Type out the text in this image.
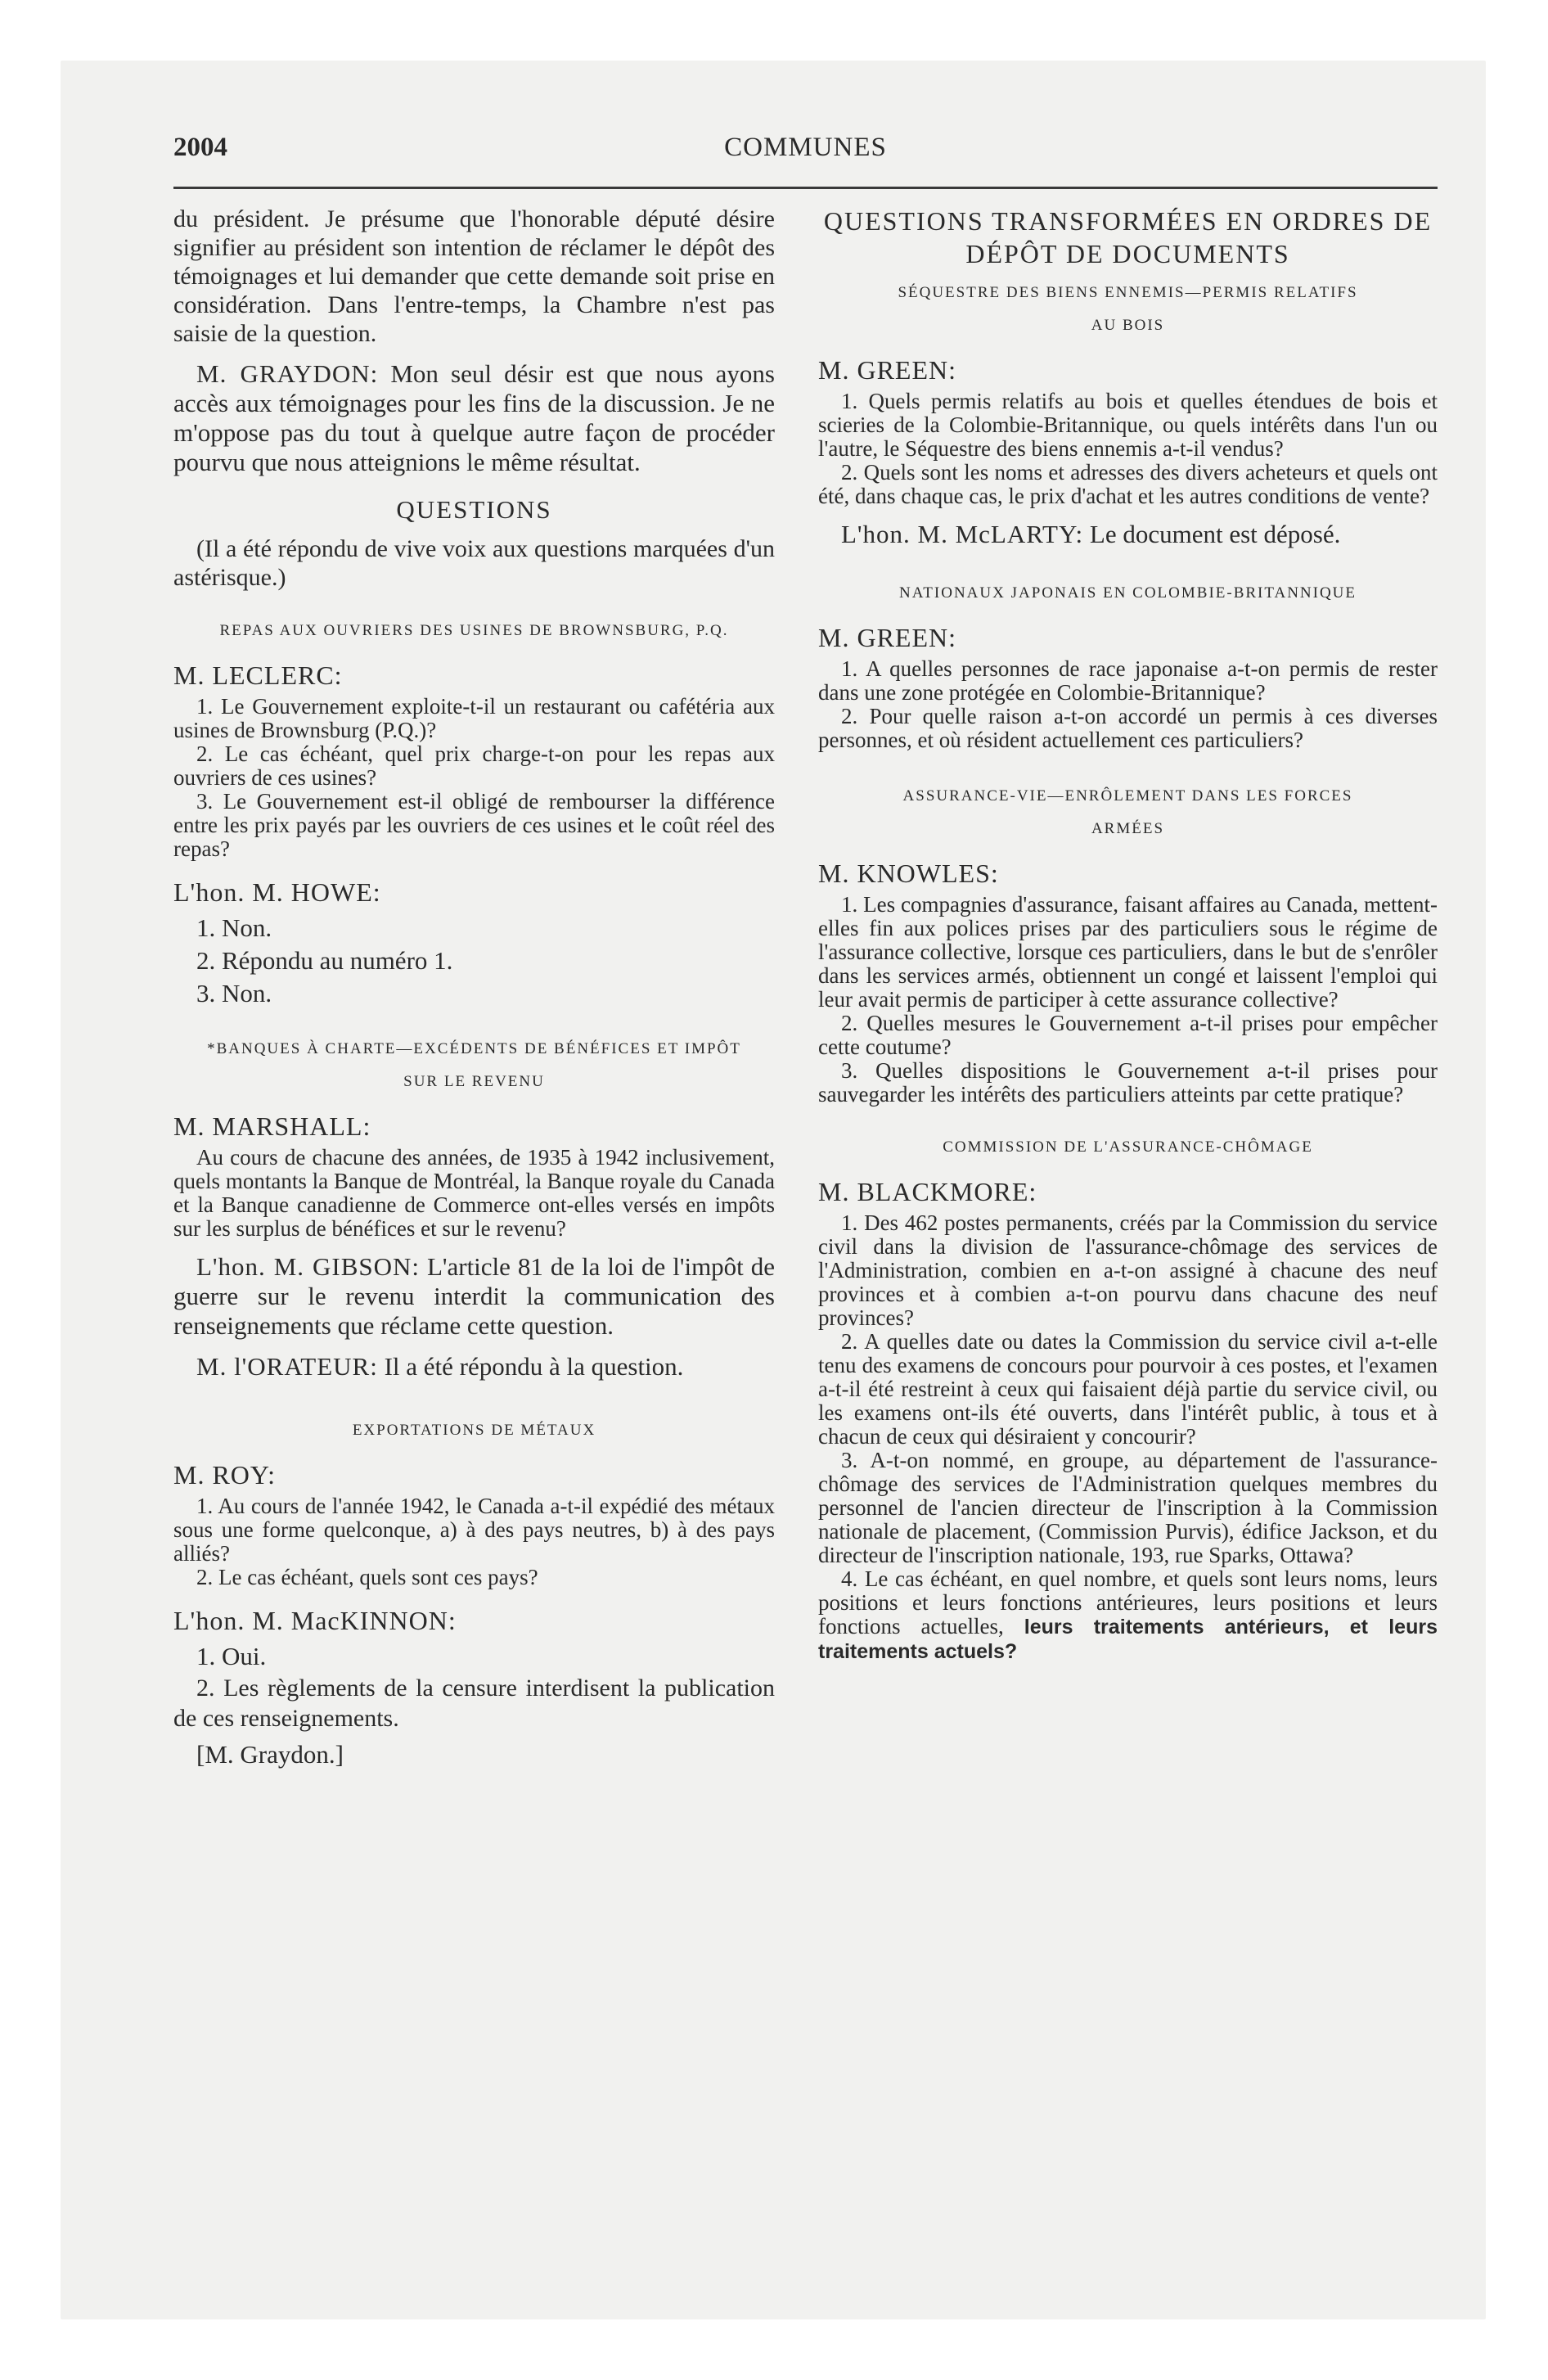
2004	COMMUNES

du président. Je présume que l'honorable député désire signifier au président son intention de réclamer le dépôt des témoignages et lui demander que cette demande soit prise en considération. Dans l'entre-temps, la Chambre n'est pas saisie de la question.

M. GRAYDON: Mon seul désir est que nous ayons accès aux témoignages pour les fins de la discussion. Je ne m'oppose pas du tout à quelque autre façon de procéder pourvu que nous atteignions le même résultat.

QUESTIONS

(Il a été répondu de vive voix aux questions marquées d'un astérisque.)

REPAS AUX OUVRIERS DES USINES DE BROWNSBURG, P.Q.
M. LECLERC:

1. Le Gouvernement exploite-t-il un restaurant ou cafétéria aux usines de Brownsburg (P.Q.)?

2. Le cas échéant, quel prix charge-t-on pour les repas aux ouvriers de ces usines?

3. Le Gouvernement est-il obligé de rembourser la différence entre les prix payés par les ouvriers de ces usines et le coût réel des repas?

L'hon. M. HOWE:
1. Non.
2. Répondu au numéro 1.
3. Non.
*BANQUES À CHARTE—EXCÉDENTS DE BÉNÉFICES ET IMPÔT SUR LE REVENU
M. MARSHALL:

Au cours de chacune des années, de 1935 à 1942 inclusivement, quels montants la Banque de Montréal, la Banque royale du Canada et la Banque canadienne de Commerce ont-elles versés en impôts sur les surplus de bénéfices et sur le revenu?

L'hon. M. GIBSON: L'article 81 de la loi de l'impôt de guerre sur le revenu interdit la communication des renseignements que réclame cette question.

M. l'ORATEUR: Il a été répondu à la question.

EXPORTATIONS DE MÉTAUX
M. ROY:

1. Au cours de l'année 1942, le Canada a-t-il expédié des métaux sous une forme quelconque, a) à des pays neutres, b) à des pays alliés?

2. Le cas échéant, quels sont ces pays?

L'hon. M. MacKINNON:
1. Oui.

2. Les règlements de la censure interdisent la publication de ces renseignements.

[M. Graydon.]
QUESTIONS TRANSFORMÉES EN ORDRES DE DÉPÔT DE DOCUMENTS
SÉQUESTRE DES BIENS ENNEMIS—PERMIS RELATIFS AU BOIS
M. GREEN:

1. Quels permis relatifs au bois et quelles étendues de bois et scieries de la Colombie-Britannique, ou quels intérêts dans l'un ou l'autre, le Séquestre des biens ennemis a-t-il vendus?

2. Quels sont les noms et adresses des divers acheteurs et quels ont été, dans chaque cas, le prix d'achat et les autres conditions de vente?

L'hon. M. McLARTY: Le document est déposé.

NATIONAUX JAPONAIS EN COLOMBIE-BRITANNIQUE
M. GREEN:

1. A quelles personnes de race japonaise a-t-on permis de rester dans une zone protégée en Colombie-Britannique?

2. Pour quelle raison a-t-on accordé un permis à ces diverses personnes, et où résident actuellement ces particuliers?

ASSURANCE-VIE—ENRÔLEMENT DANS LES FORCES ARMÉES
M. KNOWLES:

1. Les compagnies d'assurance, faisant affaires au Canada, mettent-elles fin aux polices prises par des particuliers sous le régime de l'assurance collective, lorsque ces particuliers, dans le but de s'enrôler dans les services armés, obtiennent un congé et laissent l'emploi qui leur avait permis de participer à cette assurance collective?

2. Quelles mesures le Gouvernement a-t-il prises pour empêcher cette coutume?

3. Quelles dispositions le Gouvernement a-t-il prises pour sauvegarder les intérêts des particuliers atteints par cette pratique?

COMMISSION DE L'ASSURANCE-CHÔMAGE
M. BLACKMORE:

1. Des 462 postes permanents, créés par la Commission du service civil dans la division de l'assurance-chômage des services de l'Administration, combien en a-t-on assigné à chacune des neuf provinces et à combien a-t-on pourvu dans chacune des neuf provinces?

2. A quelles date ou dates la Commission du service civil a-t-elle tenu des examens de concours pour pourvoir à ces postes, et l'examen a-t-il été restreint à ceux qui faisaient déjà partie du service civil, ou les examens ont-ils été ouverts, dans l'intérêt public, à tous et à chacun de ceux qui désiraient y concourir?

3. A-t-on nommé, en groupe, au département de l'assurance-chômage des services de l'Administration quelques membres du personnel de l'ancien directeur de l'inscription à la Commission nationale de placement, (Commission Purvis), édifice Jackson, et du directeur de l'inscription nationale, 193, rue Sparks, Ottawa?

4. Le cas échéant, en quel nombre, et quels sont leurs noms, leurs positions et leurs fonctions antérieures, leurs positions et leurs fonctions actuelles, leurs traitements antérieurs, et leurs traitements actuels?
